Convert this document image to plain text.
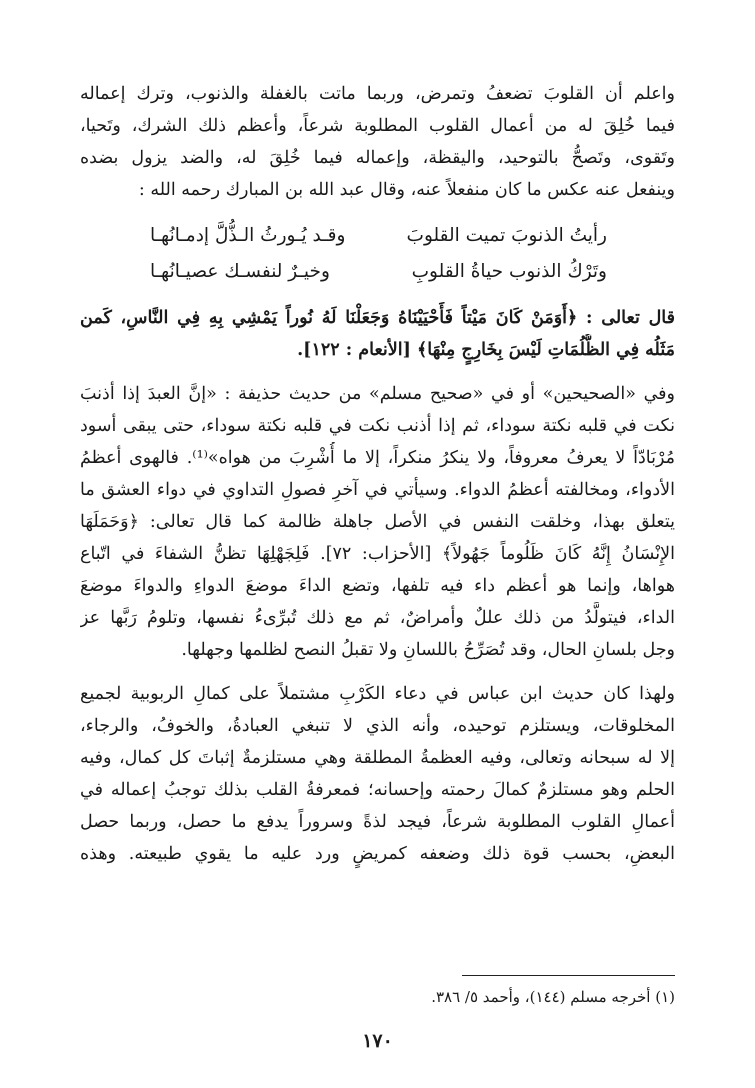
واعلم أن القلوبَ تضعفُ وتمرض، وربما ماتت بالغفلة والذنوب، وترك إعماله
فيما خُلِقَ له من أعمال القلوب المطلوبة شرعاً، وأعظم ذلك الشرك، وتَحيا،
وتَقوى، وتَصحُّ بالتوحيد، واليقظة، وإعماله فيما خُلِقَ له، والضد يزول بضده
وينفعل عنه عكس ما كان منفعلاً عنه، وقال عبد الله بن المبارك رحمه الله :

رأيتُ الذنوبَ تميت القلوبَ
وقـد يُـورثُ الـذُّلَّ إدمـانُهـا
وتَرْكُ الذنوب حياةُ القلوبِ
وخيـرٌ لنفسـك عصيـانُهـا

قال تعالى : ﴿أَوَمَنْ كَانَ مَيْتاً فَأَحْيَيْنَاهُ وَجَعَلْنَا لَهُ نُوراً يَمْشِي بِهِ فِي النَّاسِ، كَمن
مَثَلُه فِي الظُّلُمَاتِ لَيْسَ بِخَارِجٍ مِنْهَا﴾ [الأنعام : ١٢٢].

وفي «الصحيحين» أو في «صحيح مسلم» من حديث حذيفة : «إنَّ العبدَ إذا أذنبَ
نكت في قلبه نكتة سوداء، ثم إذا أذنب نكت في قلبه نكتة سوداء، حتى يبقى أسود
مُرْبَادّاً لا يعرفُ معروفاً، ولا ينكرُ منكراً، إلا ما أُشْرِبَ من هواه»⁽¹⁾. فالهوى أعظمُ
الأدواء، ومخالفته أعظمُ الدواء. وسيأتي في آخرِ فصولِ التداوي في دواء العشق ما
يتعلق بهذا، وخلقت النفس في الأصل جاهلة ظالمة كما قال تعالى: ﴿وَحَمَلَهَا
الإِنْسَانُ إِنَّهُ كَانَ ظَلُوماً جَهُولاً﴾ [الأحزاب: ٧٢]. فَلِجَهْلِهَا تظنُّ الشفاءَ في اتّباع
هواها، وإنما هو أعظم داء فيه تلفها، وتضع الداءَ موضعَ الدواءِ والدواءَ موضعَ
الداء، فيتولَّدُ من ذلك عللٌ وأمراضٌ، ثم مع ذلك تُبرِّىءُ نفسها، وتلومُ رَبَّها عز
وجل بلسانِ الحال، وقد تُصَرِّحُ باللسانِ ولا تقبلُ النصح لظلمها وجهلها.

ولهذا كان حديث ابن عباس في دعاء الكَرْبِ مشتملاً على كمالِ الربوبية لجميع
المخلوقات، ويستلزم توحيده، وأنه الذي لا تنبغي العبادةُ، والخوفُ، والرجاء،
إلا له سبحانه وتعالى، وفيه العظمةُ المطلقة وهي مستلزمةٌ إثباتَ كل كمال، وفيه
الحلم وهو مستلزمٌ كمالَ رحمته وإحسانه؛ فمعرفةُ القلب بذلك توجبُ إعماله في
أعمالِ القلوب المطلوبة شرعاً، فيجد لذةً وسروراً يدفع ما حصل، وربما حصل
البعضِ، بحسب قوة ذلك وضعفه كمريضٍ ورد عليه ما يقوي طبيعته. وهذه

(١) أخرجه مسلم (١٤٤)، وأحمد ٥/ ٣٨٦.
١٧٠
